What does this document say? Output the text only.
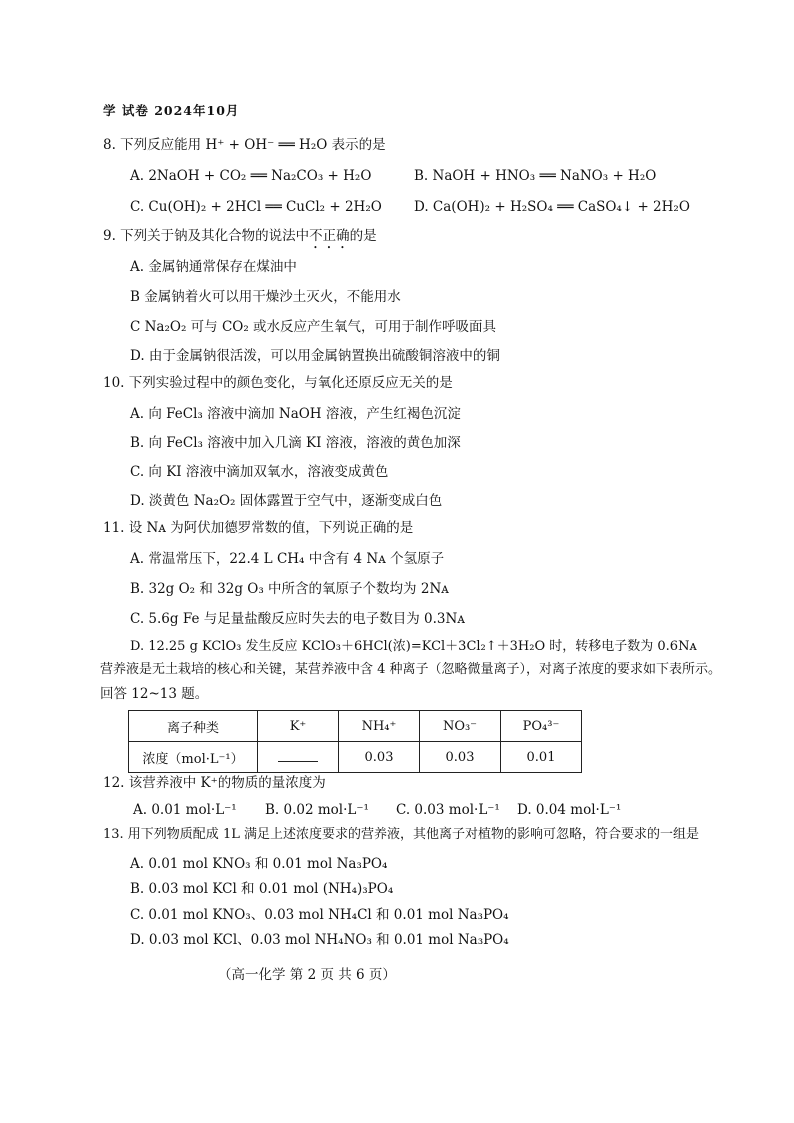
学 试卷 2024年10月
8. 下列反应能用 H⁺ + OH⁻ ══ H₂O 表示的是
A. 2NaOH + CO₂ ══ Na₂CO₃ + H₂O	B. NaOH + HNO₃ ══ NaNO₃ + H₂O
C. Cu(OH)₂ + 2HCl ══ CuCl₂ + 2H₂O D. Ca(OH)₂ + H₂SO₄ ══ CaSO₄↓ + 2H₂O
9. 下列关于钠及其化合物的说法中不正确的是
A. 金属钠通常保存在煤油中
B 金属钠着火可以用干燥沙土灭火，不能用水
C Na₂O₂ 可与 CO₂ 或水反应产生氧气，可用于制作呼吸面具
D. 由于金属钠很活泼，可以用金属钠置换出硫酸铜溶液中的铜
10. 下列实验过程中的颜色变化，与氧化还原反应无关的是
A. 向 FeCl₃ 溶液中滴加 NaOH 溶液，产生红褐色沉淀
B. 向 FeCl₃ 溶液中加入几滴 KI 溶液，溶液的黄色加深
C. 向 KI 溶液中滴加双氧水，溶液变成黄色
D. 淡黄色 Na₂O₂ 固体露置于空气中，逐渐变成白色
11. 设 Nᴀ 为阿伏加德罗常数的值，下列说正确的是
A. 常温常压下，22.4 L CH₄ 中含有 4 Nᴀ 个氢原子
B. 32g O₂ 和 32g O₃ 中所含的氧原子个数均为 2Nᴀ
C. 5.6g Fe 与足量盐酸反应时失去的电子数目为 0.3Nᴀ
D. 12.25 g KClO₃ 发生反应 KClO₃＋6HCl(浓)=KCl＋3Cl₂↑＋3H₂O 时，转移电子数为 0.6Nᴀ
营养液是无土栽培的核心和关键，某营养液中含 4 种离子（忽略微量离子），对离子浓度的要求如下表所示。
回答 12~13 题。
离子种类	K⁺	NH₄⁺	NO₃⁻	PO₄³⁻
浓度（mol·L⁻¹）		0.03	0.03	0.01
12. 该营养液中 K⁺的物质的量浓度为
A. 0.01 mol·L⁻¹ B. 0.02 mol·L⁻¹ C. 0.03 mol·L⁻¹ D. 0.04 mol·L⁻¹
13. 用下列物质配成 1L 满足上述浓度要求的营养液，其他离子对植物的影响可忽略，符合要求的一组是
A. 0.01 mol KNO₃ 和 0.01 mol Na₃PO₄
B. 0.03 mol KCl 和 0.01 mol (NH₄)₃PO₄
C. 0.01 mol KNO₃、0.03 mol NH₄Cl 和 0.01 mol Na₃PO₄
D. 0.03 mol KCl、0.03 mol NH₄NO₃ 和 0.01 mol Na₃PO₄
（高一化学 第 2 页 共 6 页）
